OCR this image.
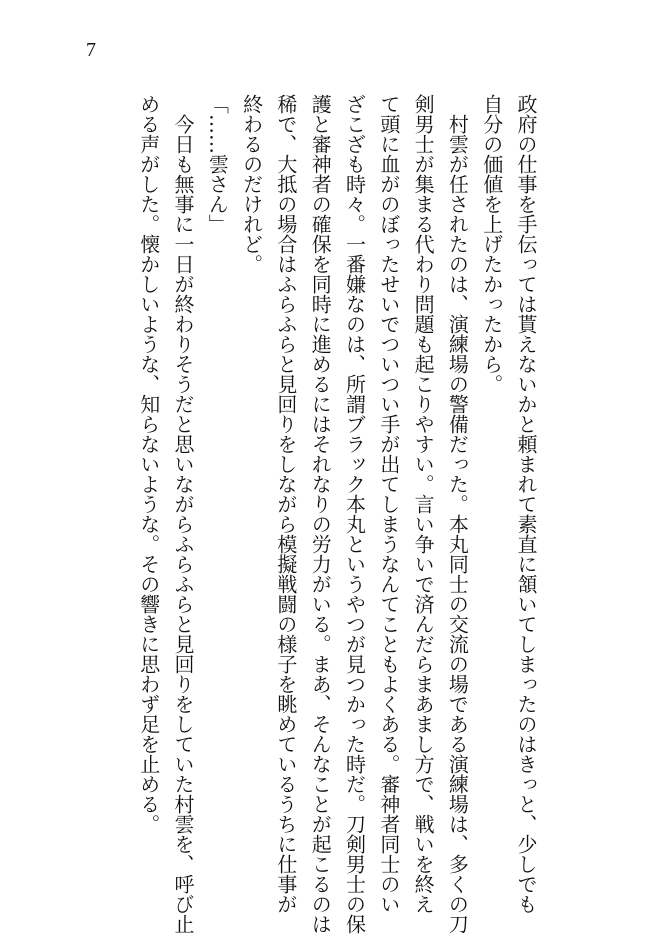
7

政府の仕事を手伝っては貰えないかと頼まれて素直に頷いてしまったのはきっと、少しでも

自分の価値を上げたかったから。

　村雲が任されたのは、演練場の警備だった。本丸同士の交流の場である演練場は、多くの刀

剣男士が集まる代わり問題も起こりやすい。言い争いで済んだらまあまし方で、戦いを終え

て頭に血がのぼったせいでついつい手が出てしまうなんてこともよくある。審神者同士のい

ざこざも時々。一番嫌なのは、所謂ブラック本丸というやつが見つかった時だ。刀剣男士の保

護と審神者の確保を同時に進めるにはそれなりの労力がいる。まあ、そんなことが起こるのは

稀で、大抵の場合はふらふらと見回りをしながら模擬戦闘の様子を眺めているうちに仕事が

終わるのだけれど。

「……雲さん」

　今日も無事に一日が終わりそうだと思いながらふらふらと見回りをしていた村雲を、呼び止

める声がした。懐かしいような、知らないような。その響きに思わず足を止める。
